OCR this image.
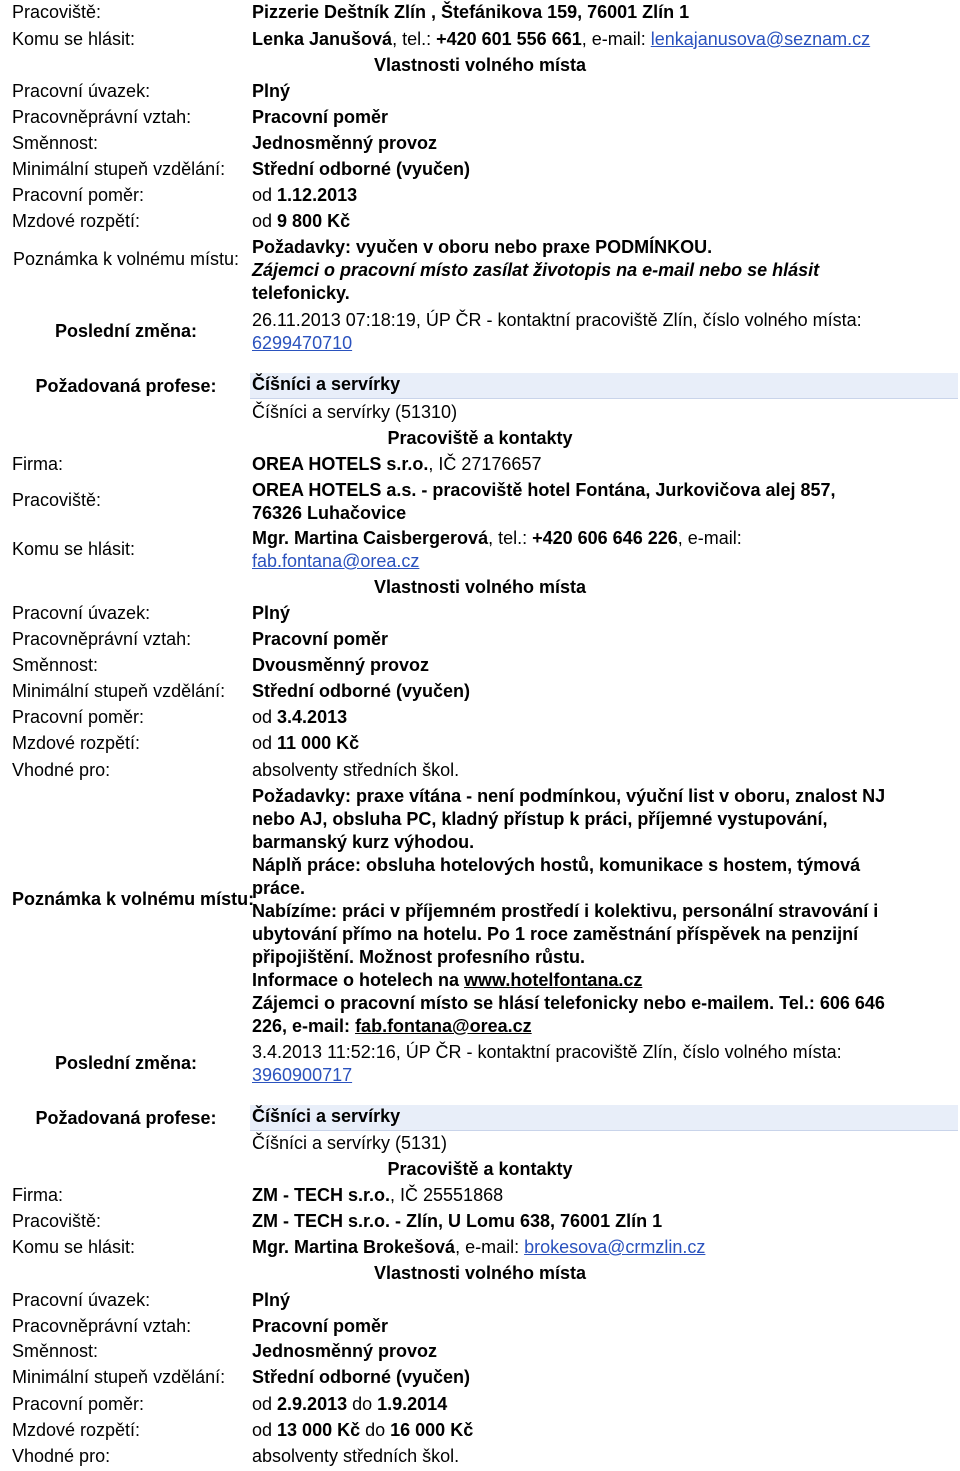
Pracoviště:	Pizzerie Deštník Zlín , Štefánikova 159, 76001 Zlín 1
Komu se hlásit:	Lenka Janušová, tel.: +420 601 556 661, e-mail: lenkajanusova@seznam.cz
Vlastnosti volného místa
Pracovní úvazek:	Plný
Pracovněprávní vztah:	Pracovní poměr
Směnnost:	Jednosměnný provoz
Minimální stupeň vzdělání: Střední odborné (vyučen)
Pracovní poměr:	od 1.12.2013
Mzdové rozpětí:	od 9 800 Kč
Poznámka k volnému místu:
Požadavky: vyučen v oboru nebo praxe PODMÍNKOU.
Zájemci o pracovní místo zasílat životopis na e-mail nebo se hlásit
telefonicky.
Poslední změna:
26.11.2013 07:18:19, ÚP ČR - kontaktní pracoviště Zlín, číslo volného místa:
6299470710
Požadovaná profese:	Číšníci a servírky
Číšníci a servírky (51310)
Pracoviště a kontakty
Firma:	OREA HOTELS s.r.o., IČ 27176657
Pracoviště:	OREA HOTELS a.s. - pracoviště hotel Fontána, Jurkovičova alej 857,
76326 Luhačovice
Komu se hlásit:
Mgr. Martina Caisbergerová, tel.: +420 606 646 226, e-mail:
fab.fontana@orea.cz
Vlastnosti volného místa
Pracovní úvazek:	Plný
Pracovněprávní vztah:	Pracovní poměr
Směnnost:	Dvousměnný provoz
Minimální stupeň vzdělání: Střední odborné (vyučen)
Pracovní poměr:	od 3.4.2013
Mzdové rozpětí:	od 11 000 Kč
Vhodné pro:	absolventy středních škol.
Poznámka k volnému místu:
Požadavky: praxe vítána - není podmínkou, výuční list v oboru, znalost NJ
nebo AJ, obsluha PC, kladný přístup k práci, příjemné vystupování,
barmanský kurz výhodou.
Náplň práce: obsluha hotelových hostů, komunikace s hostem, týmová
práce.
Nabízíme: práci v příjemném prostředí i kolektivu, personální stravování i
ubytování přímo na hotelu. Po 1 roce zaměstnání příspěvek na penzijní
připojištění. Možnost profesního růstu.
Informace o hotelech na www.hotelfontana.cz
Zájemci o pracovní místo se hlásí telefonicky nebo e-mailem. Tel.: 606 646
226, e-mail: fab.fontana@orea.cz
Poslední změna:
3.4.2013 11:52:16, ÚP ČR - kontaktní pracoviště Zlín, číslo volného místa:
3960900717
Požadovaná profese:	Číšníci a servírky
Číšníci a servírky (5131)
Pracoviště a kontakty
Firma:	ZM - TECH s.r.o., IČ 25551868
Pracoviště:	ZM - TECH s.r.o. - Zlín, U Lomu 638, 76001 Zlín 1
Komu se hlásit:	Mgr. Martina Brokešová, e-mail: brokesova@crmzlin.cz
Vlastnosti volného místa
Pracovní úvazek:	Plný
Pracovněprávní vztah:	Pracovní poměr
Směnnost:	Jednosměnný provoz
Minimální stupeň vzdělání: Střední odborné (vyučen)
Pracovní poměr:	od 2.9.2013 do 1.9.2014
Mzdové rozpětí:	od 13 000 Kč do 16 000 Kč
Vhodné pro:	absolventy středních škol.
